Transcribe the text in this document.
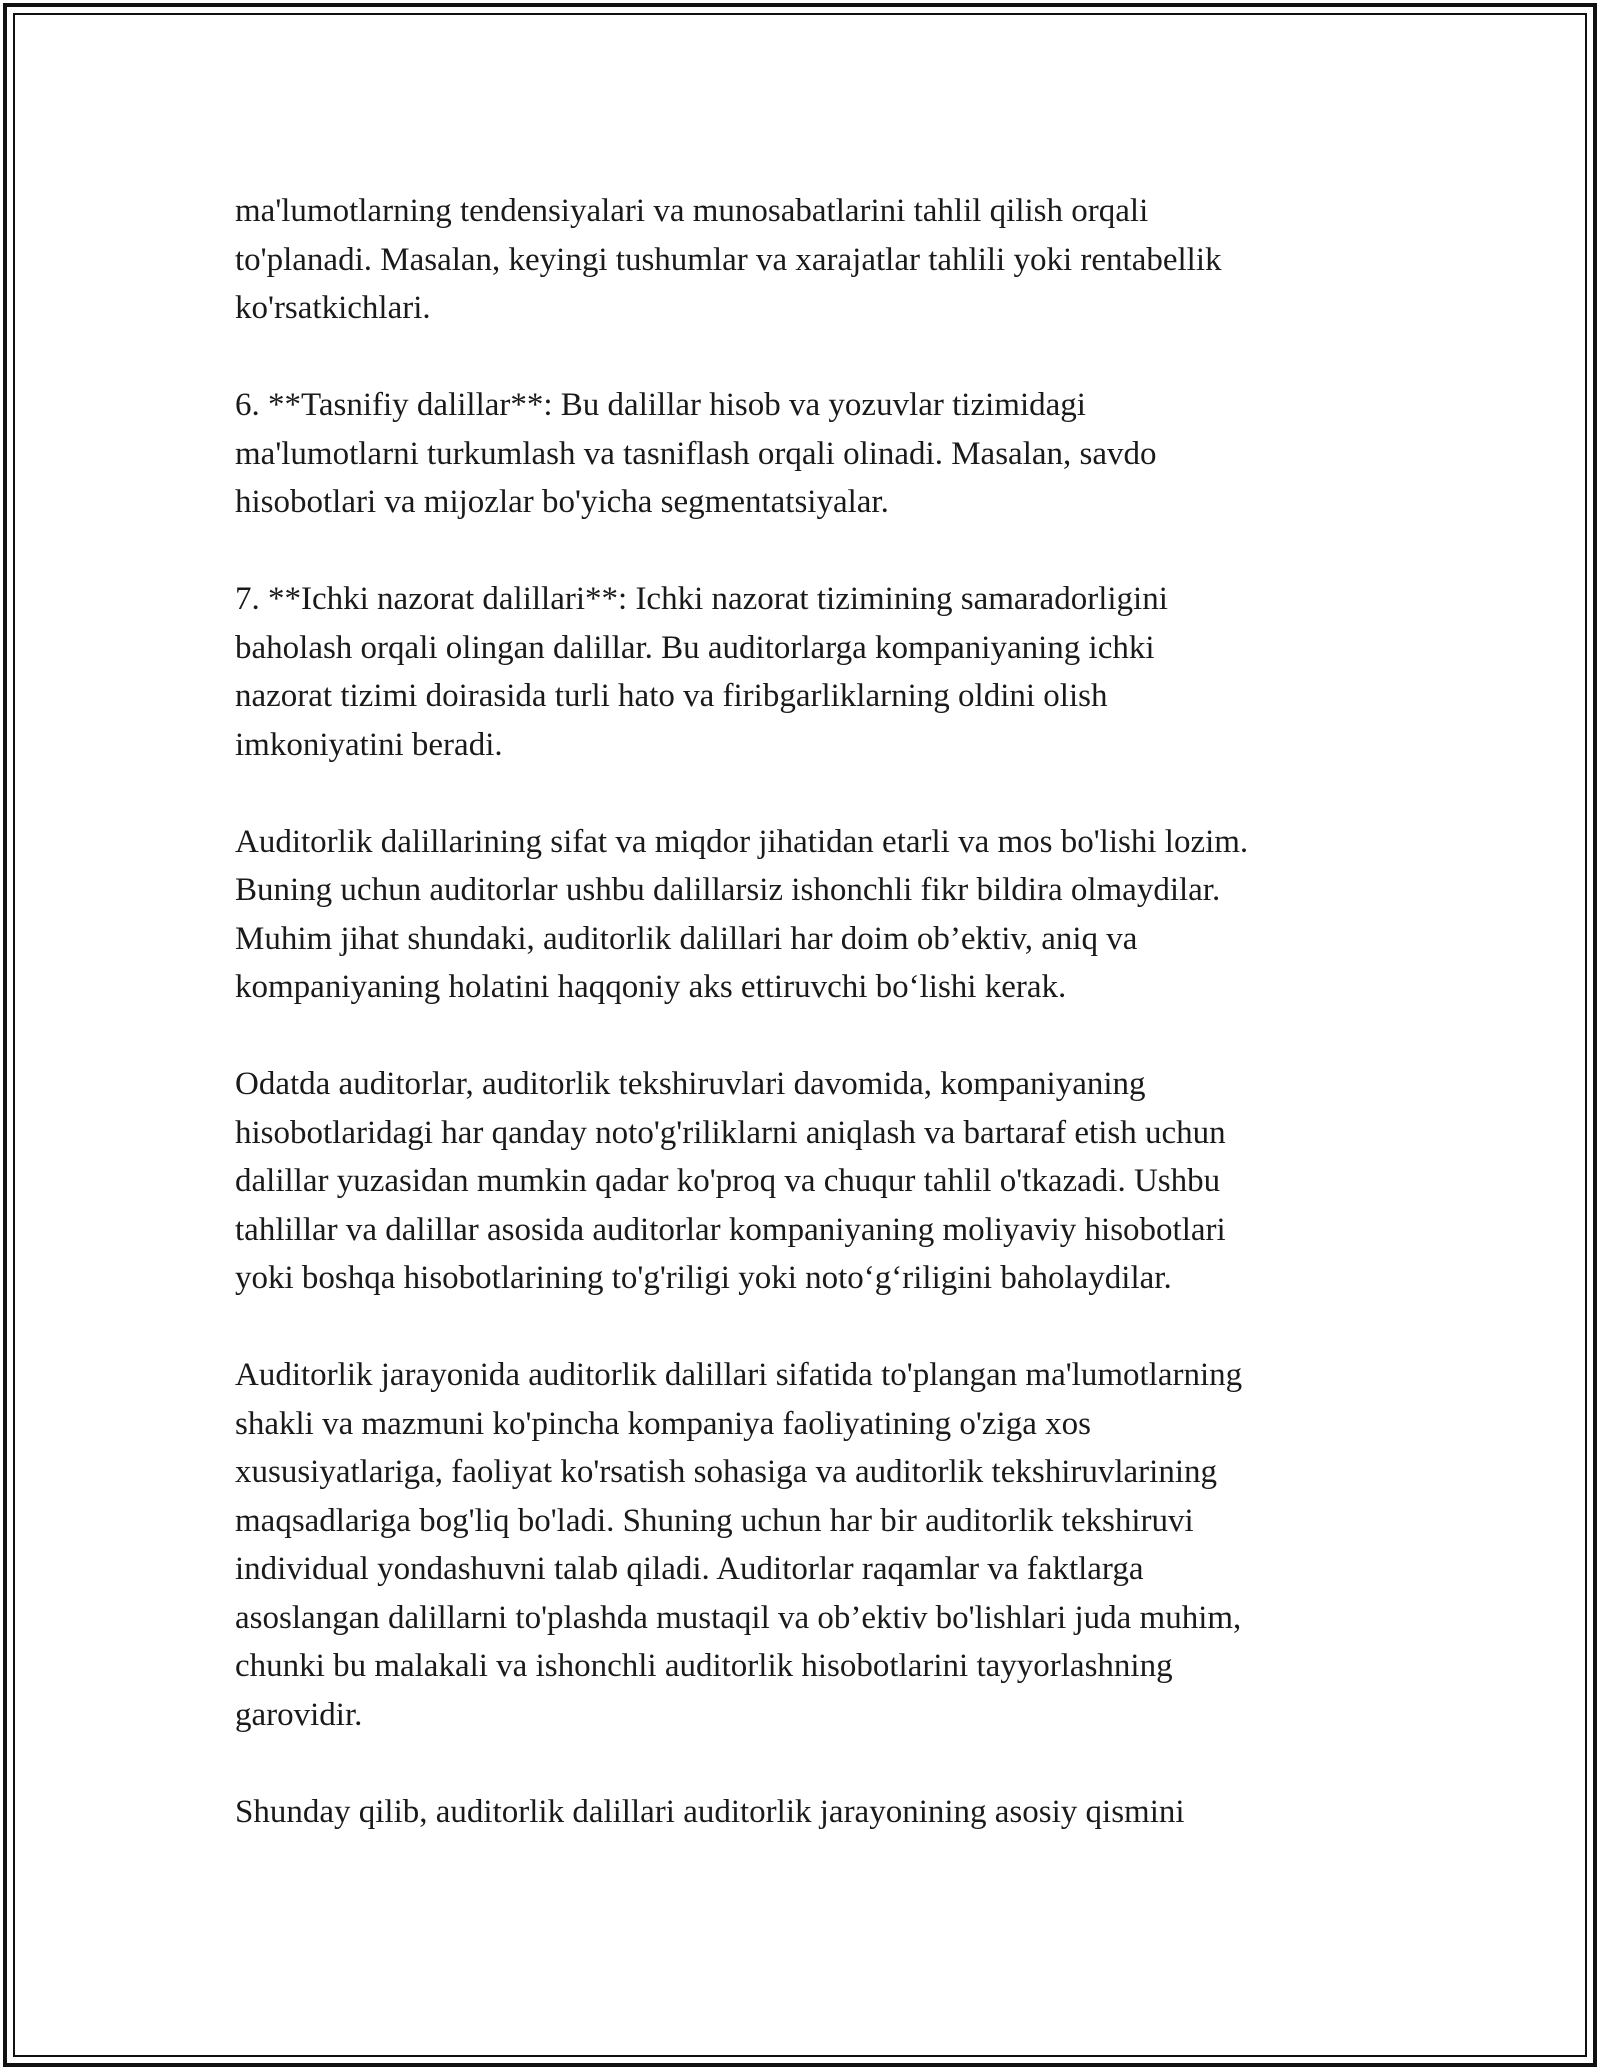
ma'lumotlarning tendensiyalari va munosabatlarini tahlil qilish orqali
to'planadi. Masalan, keyingi tushumlar va xarajatlar tahlili yoki rentabellik
ko'rsatkichlari.

6. **Tasnifiy dalillar**: Bu dalillar hisob va yozuvlar tizimidagi
ma'lumotlarni turkumlash va tasniflash orqali olinadi. Masalan, savdo
hisobotlari va mijozlar bo'yicha segmentatsiyalar.

7. **Ichki nazorat dalillari**: Ichki nazorat tizimining samaradorligini
baholash orqali olingan dalillar. Bu auditorlarga kompaniyaning ichki
nazorat tizimi doirasida turli hato va firibgarliklarning oldini olish
imkoniyatini beradi.

Auditorlik dalillarining sifat va miqdor jihatidan etarli va mos bo'lishi lozim.
Buning uchun auditorlar ushbu dalillarsiz ishonchli fikr bildira olmaydilar.
Muhim jihat shundaki, auditorlik dalillari har doim ob’ektiv, aniq va
kompaniyaning holatini haqqoniy aks ettiruvchi bo‘lishi kerak.

Odatda auditorlar, auditorlik tekshiruvlari davomida, kompaniyaning
hisobotlaridagi har qanday noto'g'riliklarni aniqlash va bartaraf etish uchun
dalillar yuzasidan mumkin qadar ko'proq va chuqur tahlil o'tkazadi. Ushbu
tahlillar va dalillar asosida auditorlar kompaniyaning moliyaviy hisobotlari
yoki boshqa hisobotlarining to'g'riligi yoki noto‘g‘riligini baholaydilar.

Auditorlik jarayonida auditorlik dalillari sifatida to'plangan ma'lumotlarning
shakli va mazmuni ko'pincha kompaniya faoliyatining o'ziga xos
xususiyatlariga, faoliyat ko'rsatish sohasiga va auditorlik tekshiruvlarining
maqsadlariga bog'liq bo'ladi. Shuning uchun har bir auditorlik tekshiruvi
individual yondashuvni talab qiladi. Auditorlar raqamlar va faktlarga
asoslangan dalillarni to'plashda mustaqil va ob’ektiv bo'lishlari juda muhim,
chunki bu malakali va ishonchli auditorlik hisobotlarini tayyorlashning
garovidir.

Shunday qilib, auditorlik dalillari auditorlik jarayonining asosiy qismini
